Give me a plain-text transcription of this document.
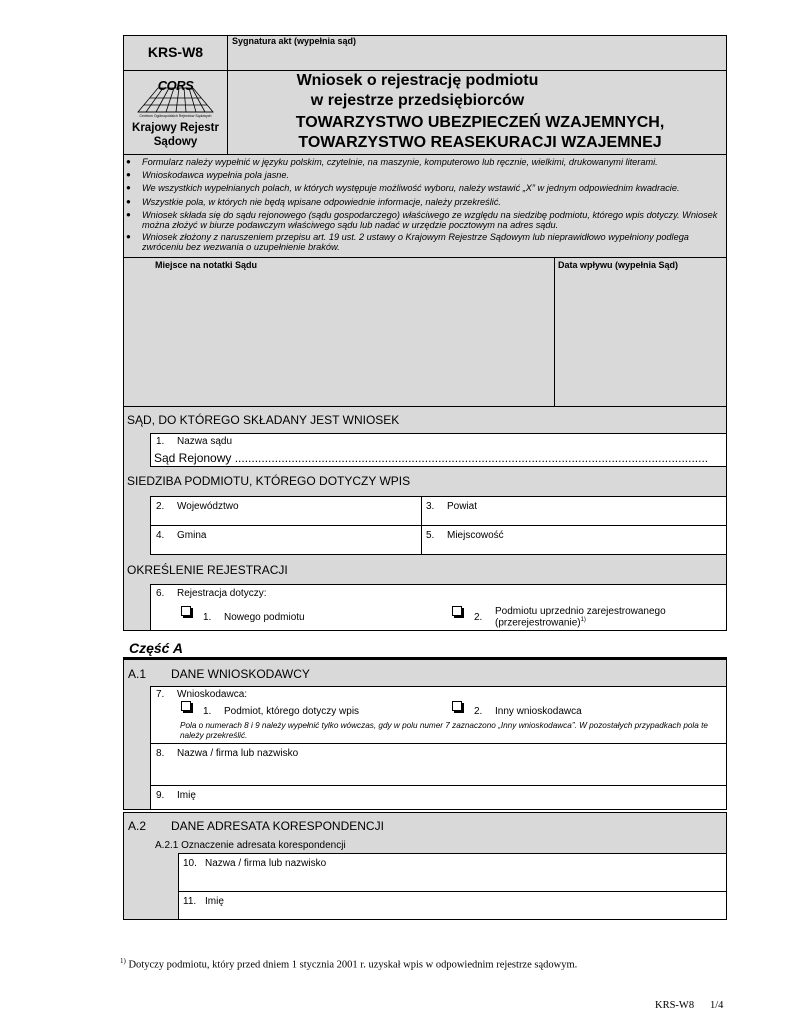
KRS-W8
Sygnatura akt (wypełnia sąd)
CORS
Centrum Ogólnopolskich Rejestrów Sądowych
Krajowy Rejestr
Sądowy
Wniosek o rejestrację podmiotu
w rejestrze przedsiębiorców
TOWARZYSTWO UBEZPIECZEŃ WZAJEMNYCH,
TOWARZYSTWO REASEKURACJI WZAJEMNEJ
● Formularz należy wypełnić w języku polskim, czytelnie, na maszynie, komputerowo lub ręcznie, wielkimi, drukowanymi literami.
● Wnioskodawca wypełnia pola jasne.
● We wszystkich wypełnianych polach, w których występuje możliwość wyboru, należy wstawić „X” w jednym odpowiednim kwadracie.
● Wszystkie pola, w których nie będą wpisane odpowiednie informacje, należy przekreślić.
● Wniosek składa się do sądu rejonowego (sądu gospodarczego) właściwego ze względu na siedzibę podmiotu, którego wpis dotyczy. Wniosek można złożyć w biurze podawczym właściwego sądu lub nadać w urzędzie pocztowym na adres sądu.
● Wniosek złożony z naruszeniem przepisu art. 19 ust. 2 ustawy o Krajowym Rejestrze Sądowym lub nieprawidłowo wypełniony podlega zwróceniu bez wezwania o uzupełnienie braków.
Miejsce na notatki Sądu	Data wpływu (wypełnia Sąd)
SĄD, DO KTÓREGO SKŁADANY JEST WNIOSEK
1. Nazwa sądu
Sąd Rejonowy ..............................................................................................................................................
SIEDZIBA PODMIOTU, KTÓREGO DOTYCZY WPIS
2. Województwo	3. Powiat
4. Gmina	5. Miejscowość
OKREŚLENIE REJESTRACJI
6. Rejestracja dotyczy:
1. Nowego podmiotu	2.
Podmiotu uprzednio zarejestrowanego
(przerejestrowanie)$^{1)}$
Część A
A.1 DANE WNIOSKODAWCY
7. Wnioskodawca:
1. Podmiot, którego dotyczy wpis	2. Inny wnioskodawca
Pola o numerach 8 i 9 należy wypełnić tylko wówczas, gdy w polu numer 7 zaznaczono „Inny wnioskodawca”. W pozostałych przypadkach pola te należy przekreślić.
8. Nazwa / firma lub nazwisko
9. Imię
A.2 DANE ADRESATA KORESPONDENCJI
A.2.1 Oznaczenie adresata korespondencji
10. Nazwa / firma lub nazwisko
11. Imię
$^{1)}$ Dotyczy podmiotu, który przed dniem 1 stycznia 2001 r. uzyskał wpis w odpowiednim rejestrze sądowym.
KRS-W8 1/4
